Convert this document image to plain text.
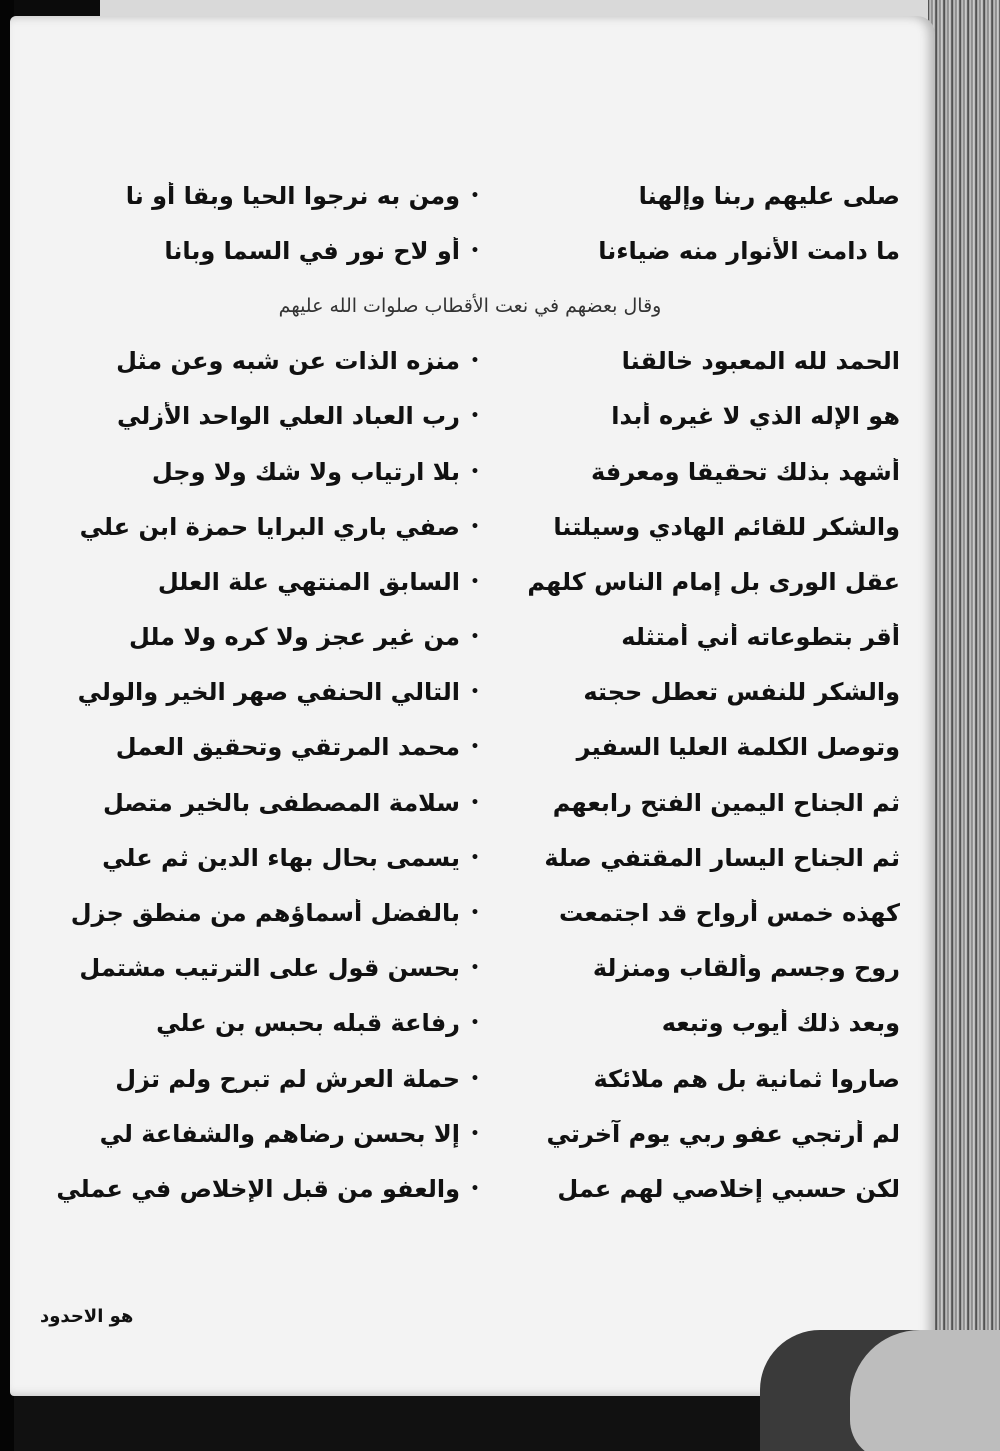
صلى عليهم ربنا وإلهنا
•
ومن به نرجوا الحيا وبقا أو نا
ما دامت الأنوار منه ضياءنا
•
أو لاح نور في السما وبانا
وقال بعضهم في نعت الأقطاب صلوات الله عليهم
الحمد لله المعبود خالقنا
•
منزه الذات عن شبه وعن مثل
هو الإله الذي لا غيره أبدا
•
رب العباد العلي الواحد الأزلي
أشهد بذلك تحقيقا ومعرفة
•
بلا ارتياب ولا شك ولا وجل
والشكر للقائم الهادي وسيلتنا
•
صفي باري البرايا حمزة ابن علي
عقل الورى بل إمام الناس كلهم
•
السابق المنتهي علة العلل
أقر بتطوعاته أني أمتثله
•
من غير عجز ولا كره ولا ملل
والشكر للنفس تعطل حجته
•
التالي الحنفي صهر الخير والولي
وتوصل الكلمة العليا السفير
•
محمد المرتقي وتحقيق العمل
ثم الجناح اليمين الفتح رابعهم
•
سلامة المصطفى بالخير متصل
ثم الجناح اليسار المقتفي صلة
•
يسمى بحال بهاء الدين ثم علي
كهذه خمس أرواح قد اجتمعت
•
بالفضل أسماؤهم من منطق جزل
روح وجسم وألقاب ومنزلة
•
بحسن قول على الترتيب مشتمل
وبعد ذلك أيوب وتبعه
•
رفاعة قبله بحبس بن علي
صاروا ثمانية بل هم ملائكة
•
حملة العرش لم تبرح ولم تزل
لم أرتجي عفو ربي يوم آخرتي
•
إلا بحسن رضاهم والشفاعة لي
لكن حسبي إخلاصي لهم عمل
•
والعفو من قبل الإخلاص في عملي
هو الاحدود
